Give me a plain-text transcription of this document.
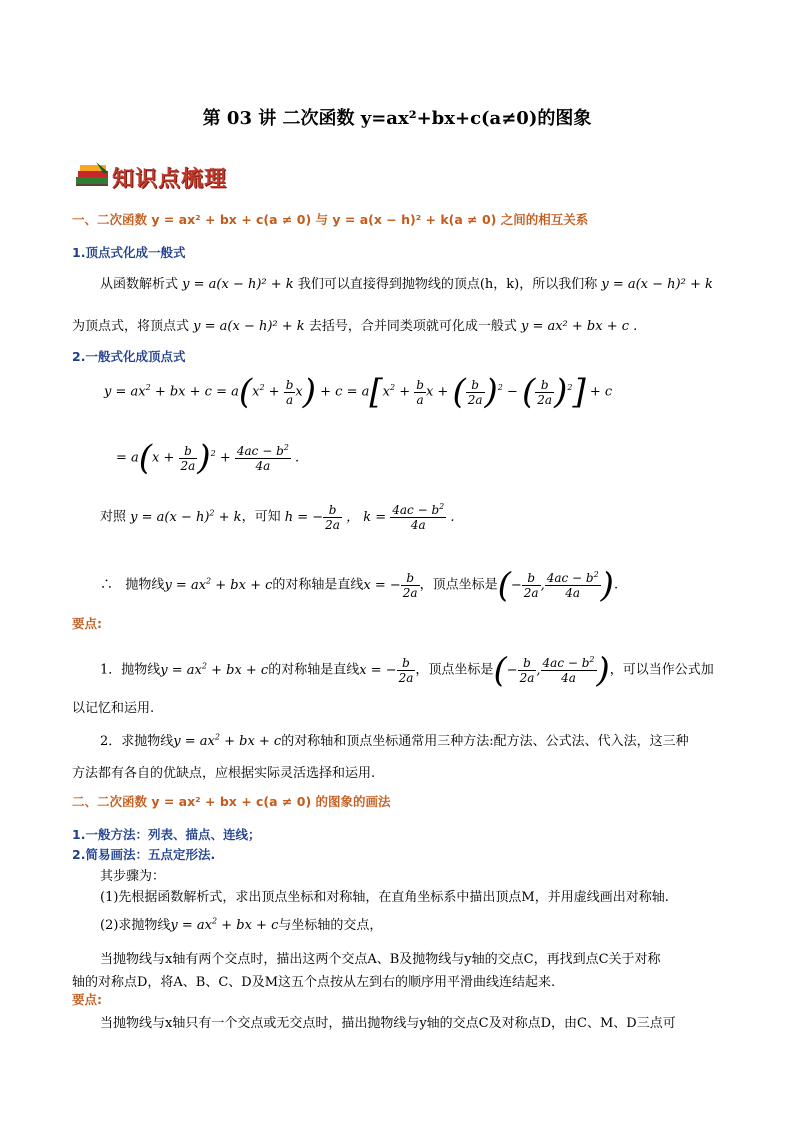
第 03 讲 二次函数 y=ax²+bx+c(a≠0)的图象
知识点梳理
一、二次函数 y = ax² + bx + c(a ≠ 0) 与 y = a(x − h)² + k(a ≠ 0) 之间的相互关系
1.顶点式化成一般式
从函数解析式 y = a(x − h)² + k 我们可以直接得到抛物线的顶点(h，k)，所以我们称 y = a(x − h)² + k
为顶点式，将顶点式 y = a(x − h)² + k 去括号，合并同类项就可化成一般式 y = ax² + bx + c .
2.一般式化成顶点式
$y = ax^2$ + bx + $c = a(x^2 + \frac{b}{a} x) + c = a[x^2 + \frac{b}{a}$ x + ( $\frac{b}{2a} )^2$ − ( $\frac{b}{2a} )^2] + c$
= $a(x + \frac{b}{2a} )^2 + \frac{4ac - b^2}{4a}$ .
对照 $y = a(x - h)^2 + k$，可知 h = − $\frac{b}{2a}$ ， $k = \frac{4ac - b^2}{4a}$ .
∴ 抛物线$y = ax^2$ + bx + c的对称轴是直线x = − $\frac{b}{2a}$ ，顶点坐标是(− $\frac{b}{2a}$ , $\frac{4ac - b^2}{4a}$ ).
要点:
1．抛物线$y = ax^2$ + bx + c的对称轴是直线x = − $\frac{b}{2a}$ ，顶点坐标是(− $\frac{b}{2a}$ , $\frac{4ac - b^2}{4a}$ )，可以当作公式加
以记忆和运用.
2．求抛物线$y = ax^2$ + bx + c的对称轴和顶点坐标通常用三种方法:配方法、公式法、代入法，这三种
方法都有各自的优缺点，应根据实际灵活选择和运用.
二、二次函数 y = ax² + bx + c(a ≠ 0) 的图象的画法
1.一般方法：列表、描点、连线；
2.简易画法：五点定形法.
其步骤为：
(1)先根据函数解析式，求出顶点坐标和对称轴，在直角坐标系中描出顶点M，并用虚线画出对称轴.
(2)求抛物线$y = ax^2$ + bx + c与坐标轴的交点，
当抛物线与x轴有两个交点时，描出这两个交点A、B及抛物线与y轴的交点C，再找到点C关于对称
轴的对称点D，将A、B、C、D及M这五个点按从左到右的顺序用平滑曲线连结起来.
要点:
当抛物线与x轴只有一个交点或无交点时，描出抛物线与y轴的交点C及对称点D，由C、M、D三点可
